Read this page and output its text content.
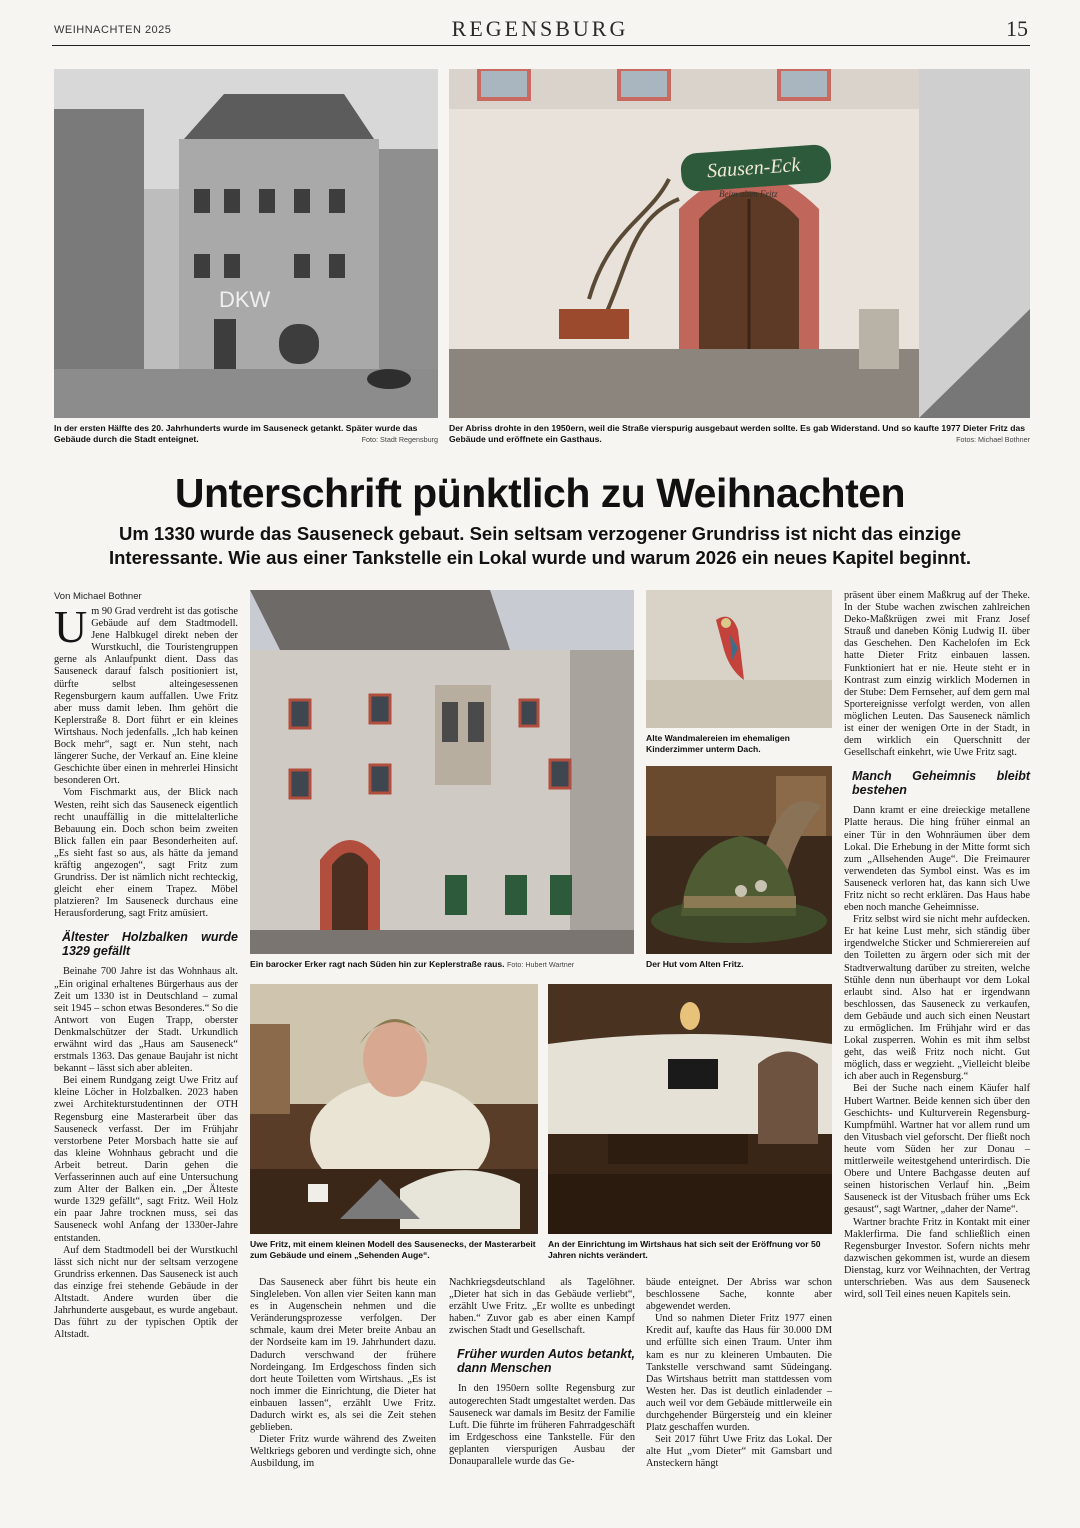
WEIHNACHTEN 2025	REGENSBURG	15
DKW
In der ersten Hälfte des 20. Jahrhunderts wurde im Sauseneck getankt. Später wurde das Gebäude durch die Stadt enteignet.	Foto: Stadt Regensburg
Sausen-Eck
Beim alten Fritz
Der Abriss drohte in den 1950ern, weil die Straße vierspurig ausgebaut werden sollte. Es gab Widerstand. Und so kaufte 1977 Dieter Fritz das Gebäude und eröffnete ein Gasthaus.	Fotos: Michael Bothner
Unterschrift pünktlich zu Weihnachten
Um 1330 wurde das Sauseneck gebaut. Sein seltsam verzogener Grundriss ist nicht das einzige Interessante. Wie aus einer Tankstelle ein Lokal wurde und warum 2026 ein neues Kapitel beginnt.
Von Michael Bothner

Um 90 Grad verdreht ist das gotische Gebäude auf dem Stadtmodell. Jene Halbkugel direkt neben der Wurstkuchl, die Touristengruppen gerne als Anlaufpunkt dient. Dass das Sauseneck darauf falsch positioniert ist, dürfte selbst alteingesessenen Regensburgern kaum auffallen. Uwe Fritz aber muss damit leben. Ihm gehört die Keplerstraße 8. Dort führt er ein kleines Wirtshaus. Noch jedenfalls. „Ich hab keinen Bock mehr“, sagt er. Nun steht, nach längerer Suche, der Verkauf an. Eine kleine Geschichte über einen in mehrerlei Hinsicht besonderen Ort.

Vom Fischmarkt aus, der Blick nach Westen, reiht sich das Sauseneck eigentlich recht unauffällig in die mittelalterliche Bebauung ein. Doch schon beim zweiten Blick fallen ein paar Besonderheiten auf. „Es sieht fast so aus, als hätte da jemand kräftig angezogen“, sagt Fritz zum Grundriss. Der ist nämlich nicht rechteckig, gleicht eher einem Trapez. Möbel platzieren? Im Sauseneck durchaus eine Herausforderung, sagt Fritz amüsiert.

Ältester Holzbalken wurde 1329 gefällt

Beinahe 700 Jahre ist das Wohnhaus alt. „Ein original erhaltenes Bürgerhaus aus der Zeit um 1330 ist in Deutschland – zumal seit 1945 – schon etwas Besonderes.“ So die Antwort von Eugen Trapp, oberster Denkmalschützer der Stadt. Urkundlich erwähnt wird das „Haus am Sauseneck“ erstmals 1363. Das genaue Baujahr ist nicht bekannt – lässt sich aber ableiten.

Bei einem Rundgang zeigt Uwe Fritz auf kleine Löcher in Holzbalken. 2023 haben zwei Architekturstudentinnen der OTH Regensburg eine Masterarbeit über das Sauseneck verfasst. Der im Frühjahr verstorbene Peter Morsbach hatte sie auf das kleine Wohnhaus gebracht und die Arbeit betreut. Darin gehen die Verfasserinnen auch auf eine Untersuchung zum Alter der Balken ein. „Der Älteste wurde 1329 gefällt“, sagt Fritz. Weil Holz ein paar Jahre trocknen muss, sei das Sauseneck wohl Anfang der 1330er-Jahre entstanden.

Auf dem Stadtmodell bei der Wurstkuchl lässt sich nicht nur der seltsam verzogene Grundriss erkennen. Das Sauseneck ist auch das einzige frei stehende Gebäude in der Altstadt. Andere wurden über die Jahrhunderte ausgebaut, es wurde angebaut. Das führt zu der typischen Optik der Altstadt.

Ein barocker Erker ragt nach Süden hin zur Keplerstraße raus. Foto: Hubert Wartner
Alte Wandmalereien im ehemaligen Kinderzimmer unterm Dach.
Der Hut vom Alten Fritz.
Uwe Fritz, mit einem kleinen Modell des Sausenecks, der Masterarbeit zum Gebäude und einem „Sehenden Auge“.
An der Einrichtung im Wirtshaus hat sich seit der Eröffnung vor 50 Jahren nichts verändert.

Das Sauseneck aber führt bis heute ein Singleleben. Von allen vier Seiten kann man es in Augenschein nehmen und die Veränderungsprozesse verfolgen. Der schmale, kaum drei Meter breite Anbau an der Nordseite kam im 19. Jahrhundert dazu. Dadurch verschwand der frühere Nordeingang. Im Erdgeschoss finden sich dort heute Toiletten vom Wirtshaus. „Es ist noch immer die Einrichtung, die Dieter hat einbauen lassen“, erzählt Uwe Fritz. Dadurch wirkt es, als sei die Zeit stehen geblieben.

Dieter Fritz wurde während des Zweiten Weltkriegs geboren und verdingte sich, ohne Ausbildung, im

Nachkriegsdeutschland als Tagelöhner. „Dieter hat sich in das Gebäude verliebt“, erzählt Uwe Fritz. „Er wollte es unbedingt haben.“ Zuvor gab es aber einen Kampf zwischen Stadt und Gesellschaft.

Früher wurden Autos betankt, dann Menschen

In den 1950ern sollte Regensburg zur autogerechten Stadt umgestaltet werden. Das Sauseneck war damals im Besitz der Familie Luft. Die führte im früheren Fahrradgeschäft im Erdgeschoss eine Tankstelle. Für den geplanten vierspurigen Ausbau der Donauparallele wurde das Ge-

bäude enteignet. Der Abriss war schon beschlossene Sache, konnte aber abgewendet werden.

Und so nahmen Dieter Fritz 1977 einen Kredit auf, kaufte das Haus für 30.000 DM und erfüllte sich einen Traum. Unter ihm kam es nur zu kleineren Umbauten. Die Tankstelle verschwand samt Südeingang. Das Wirtshaus betritt man stattdessen vom Westen her. Das ist deutlich einladender – auch weil vor dem Gebäude mittlerweile ein durchgehender Bürgersteig und ein kleiner Platz geschaffen wurden.

Seit 2017 führt Uwe Fritz das Lokal. Der alte Hut „vom Dieter“ mit Gamsbart und Ansteckern hängt

präsent über einem Maßkrug auf der Theke. In der Stube wachen zwischen zahlreichen Deko-Maßkrügen zwei mit Franz Josef Strauß und daneben König Ludwig II. über das Geschehen. Den Kachelofen im Eck hatte Dieter Fritz einbauen lassen. Funktioniert hat er nie. Heute steht er in Kontrast zum einzig wirklich Modernen in der Stube: Dem Fernseher, auf dem gern mal Sportereignisse verfolgt werden, von allen möglichen Leuten. Das Sauseneck nämlich ist einer der wenigen Orte in der Stadt, in dem wirklich ein Querschnitt der Gesellschaft einkehrt, wie Uwe Fritz sagt.

Manch Geheimnis bleibt bestehen

Dann kramt er eine dreieckige metallene Platte heraus. Die hing früher einmal an einer Tür in den Wohnräumen über dem Lokal. Die Erhebung in der Mitte formt sich zum „Allsehenden Auge“. Die Freimaurer verwendeten das Symbol einst. Was es im Sauseneck verloren hat, das kann sich Uwe Fritz nicht so recht erklären. Das Haus habe eben noch manche Geheimnisse.

Fritz selbst wird sie nicht mehr aufdecken. Er hat keine Lust mehr, sich ständig über irgendwelche Sticker und Schmierereien auf den Toiletten zu ärgern oder sich mit der Stadtverwaltung darüber zu streiten, welche Stühle denn nun überhaupt vor dem Lokal erlaubt sind. Also hat er irgendwann beschlossen, das Sauseneck zu verkaufen, dem Gebäude und auch sich einen Neustart zu ermöglichen. Im Frühjahr wird er das Lokal zusperren. Wohin es mit ihm selbst geht, das weiß Fritz noch nicht. Gut möglich, dass er wegzieht. „Vielleicht bleibe ich aber auch in Regensburg.“

Bei der Suche nach einem Käufer half Hubert Wartner. Beide kennen sich über den Geschichts- und Kulturverein Regensburg-Kumpfmühl. Wartner hat vor allem rund um den Vitusbach viel geforscht. Der fließt noch heute vom Süden her zur Donau – mittlerweile weitestgehend unterirdisch. Die Obere und Untere Bachgasse deuten auf seinen historischen Verlauf hin. „Beim Sauseneck ist der Vitusbach früher ums Eck gesaust“, sagt Wartner, „daher der Name“.

Wartner brachte Fritz in Kontakt mit einer Maklerfirma. Die fand schließlich einen Regensburger Investor. Sofern nichts mehr dazwischen gekommen ist, wurde an diesem Dienstag, kurz vor Weihnachten, der Vertrag unterschrieben. Was aus dem Sauseneck wird, soll Teil eines neuen Kapitels sein.
